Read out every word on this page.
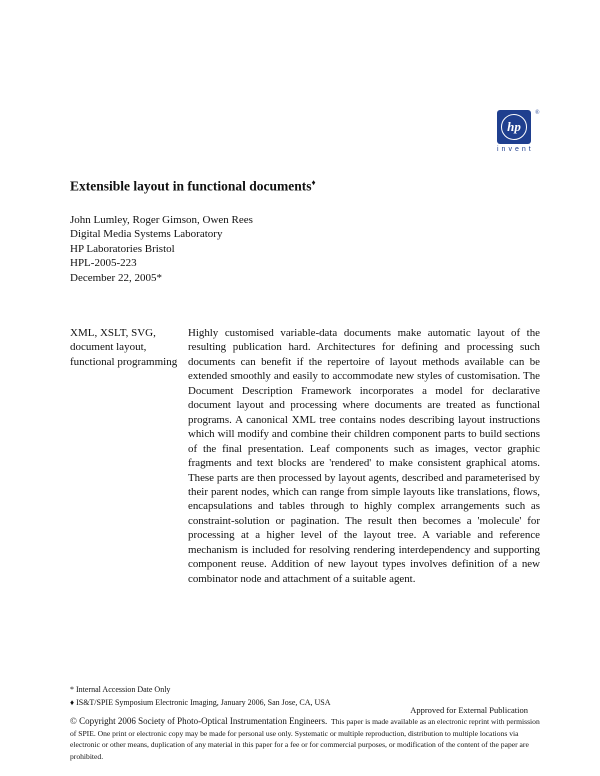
hp
®
invent
Extensible layout in functional documents♦
John Lumley, Roger Gimson, Owen Rees
Digital Media Systems Laboratory
HP Laboratories Bristol
HPL-2005-223
December 22, 2005*
XML, XSLT, SVG, document layout, functional programming
Highly customised variable-data documents make automatic layout of the resulting publication hard. Architectures for defining and processing such documents can benefit if the repertoire of layout methods available can be extended smoothly and easily to accommodate new styles of customisation. The Document Description Framework incorporates a model for declarative document layout and processing where documents are treated as functional programs. A canonical XML tree contains nodes describing layout instructions which will modify and combine their children component parts to build sections of the final presentation. Leaf components such as images, vector graphic fragments and text blocks are 'rendered' to make consistent graphical atoms. These parts are then processed by layout agents, described and parameterised by their parent nodes, which can range from simple layouts like translations, flows, encapsulations and tables through to highly complex arrangements such as constraint-solution or pagination. The result then becomes a 'molecule' for processing at a higher level of the layout tree. A variable and reference mechanism is included for resolving rendering interdependency and supporting component reuse. Addition of new layout types involves definition of a new combinator node and attachment of a suitable agent.
* Internal Accession Date Only
♦ IS&T/SPIE Symposium Electronic Imaging, January 2006, San Jose, CA, USA
Approved for External Publication
© Copyright 2006 Society of Photo-Optical Instrumentation Engineers. This paper is made available as an electronic reprint with permission of SPIE. One print or electronic copy may be made for personal use only. Systematic or multiple reproduction, distribution to multiple locations via electronic or other means, duplication of any material in this paper for a fee or for commercial purposes, or modification of the content of the paper are prohibited.
